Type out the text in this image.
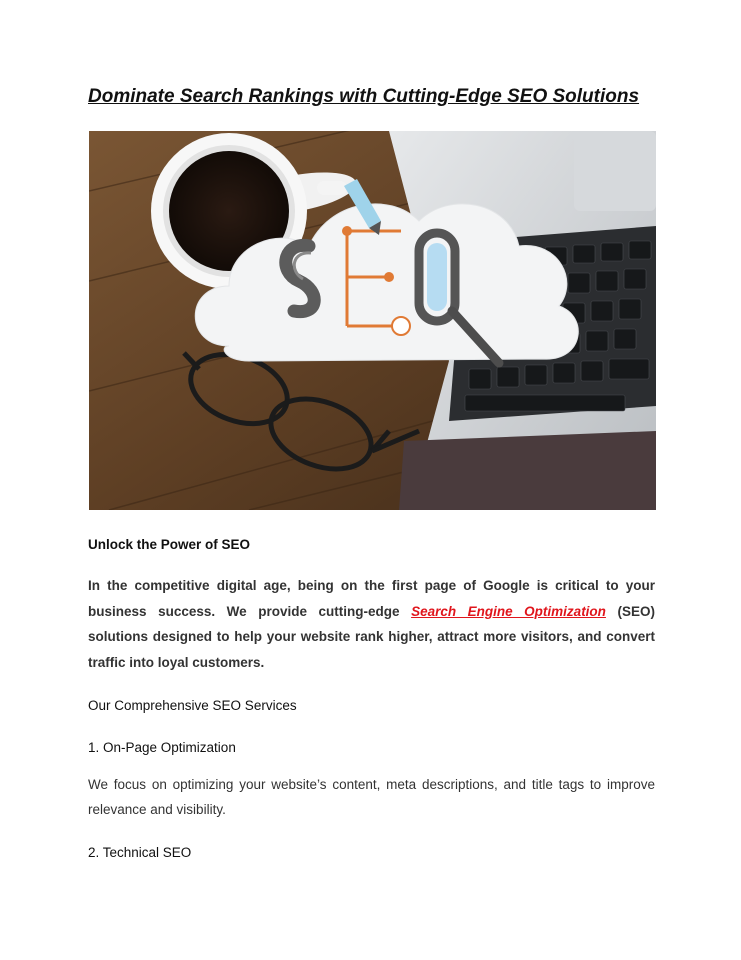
Dominate Search Rankings with Cutting-Edge SEO Solutions
Unlock the Power of SEO

In the competitive digital age, being on the first page of Google is critical to your business success. We provide cutting-edge Search Engine Optimization (SEO) solutions designed to help your website rank higher, attract more visitors, and convert traffic into loyal customers.

Our Comprehensive SEO Services
1. On-Page Optimization

We focus on optimizing your website’s content, meta descriptions, and title tags to improve relevance and visibility.

2. Technical SEO
